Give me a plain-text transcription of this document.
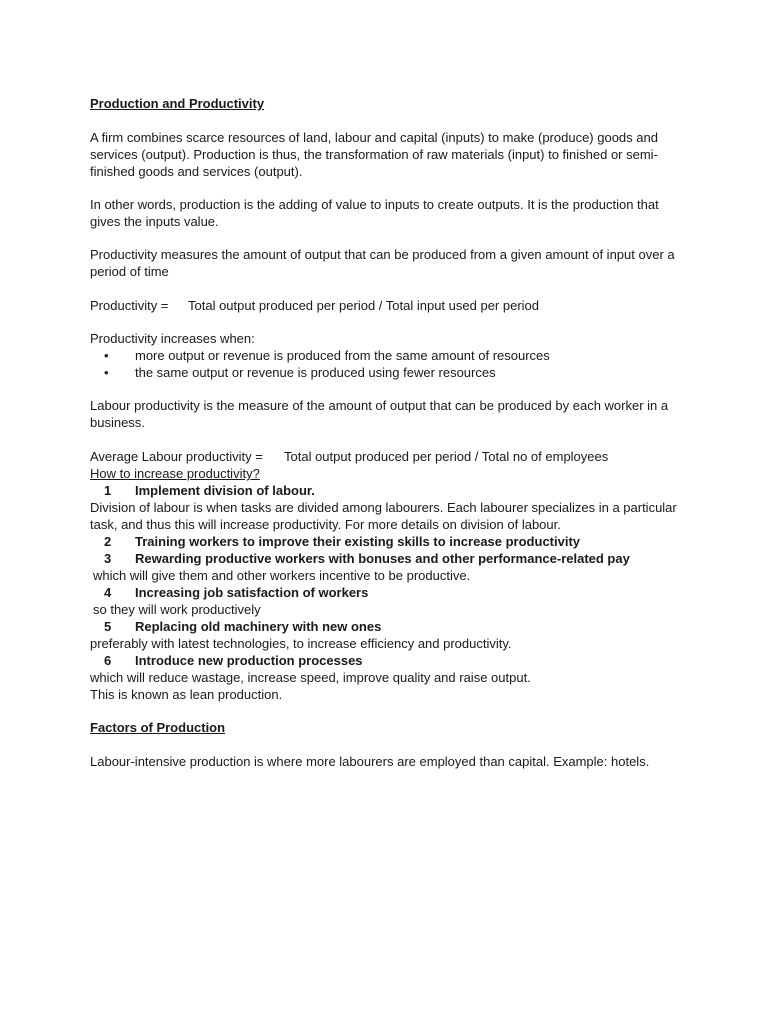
Production and Productivity

A firm combines scarce resources of land, labour and capital (inputs) to make (produce) goods and services (output). Production is thus, the transformation of raw materials (input) to finished or semi-finished goods and services (output).

In other words, production is the adding of value to inputs to create outputs. It is the production that gives the inputs value.

Productivity measures the amount of output that can be produced from a given amount of input over a period of time

Productivity = Total output produced per period / Total input used per period

Productivity increases when:

• more output or revenue is produced from the same amount of resources
• the same output or revenue is produced using fewer resources

Labour productivity is the measure of the amount of output that can be produced by each worker in a business.

Average Labour productivity = Total output produced per period / Total no of employees

How to increase productivity?

1 Implement division of labour.

Division of labour is when tasks are divided among labourers. Each labourer specializes in a particular task, and thus this will increase productivity. For more details on division of labour.

2 Training workers to improve their existing skills to increase productivity

3 Rewarding productive workers with bonuses and other performance-related pay

which will give them and other workers incentive to be productive.

4 Increasing job satisfaction of workers

so they will work productively

5 Replacing old machinery with new ones

preferably with latest technologies, to increase efficiency and productivity.

6 Introduce new production processes

which will reduce wastage, increase speed, improve quality and raise output.

This is known as lean production.

Factors of Production

Labour-intensive production is where more labourers are employed than capital. Example: hotels.
